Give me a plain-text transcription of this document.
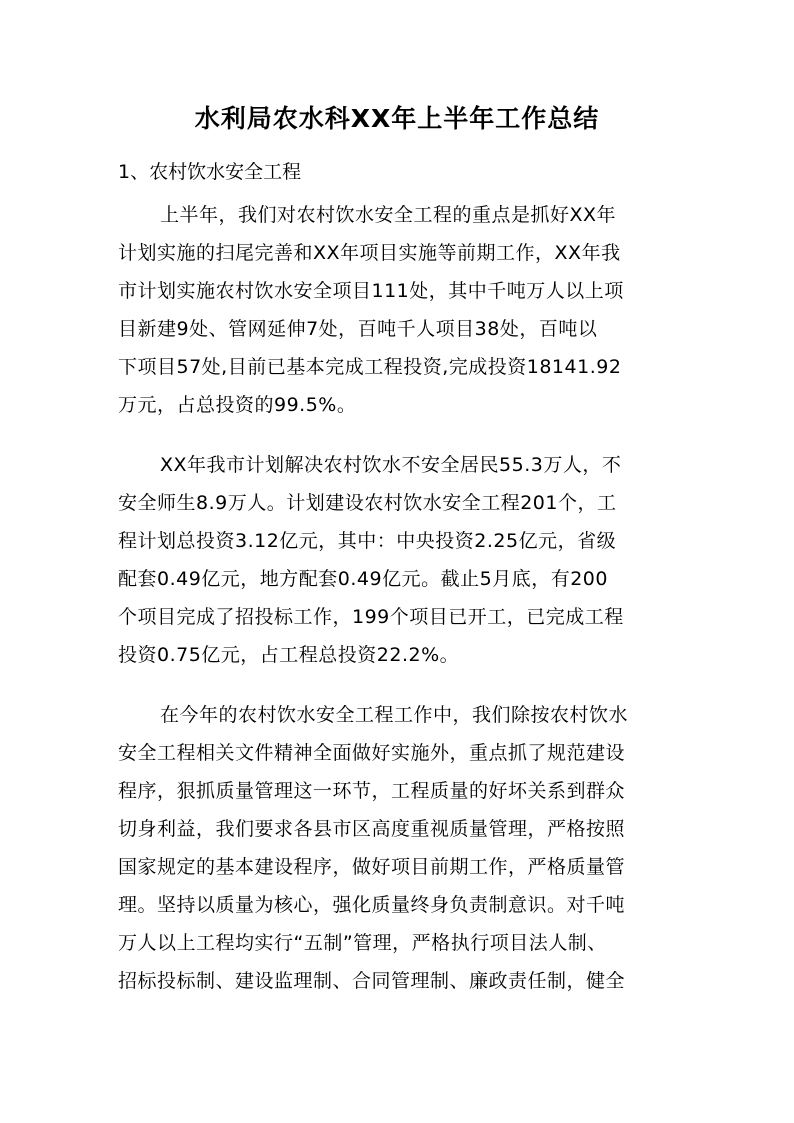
水利局农水科XX年上半年工作总结
1、农村饮水安全工程
上半年，我们对农村饮水安全工程的重点是抓好XX年
计划实施的扫尾完善和XX年项目实施等前期工作，XX年我
市计划实施农村饮水安全项目111处，其中千吨万人以上项
目新建9处、管网延伸7处，百吨千人项目38处，百吨以
下项目57处,目前已基本完成工程投资,完成投资18141.92
万元，占总投资的99.5%。
XX年我市计划解决农村饮水不安全居民55.3万人，不
安全师生8.9万人。计划建设农村饮水安全工程201个，工
程计划总投资3.12亿元，其中：中央投资2.25亿元，省级
配套0.49亿元，地方配套0.49亿元。截止5月底，有200
个项目完成了招投标工作，199个项目已开工，已完成工程
投资0.75亿元，占工程总投资22.2%。
在今年的农村饮水安全工程工作中，我们除按农村饮水
安全工程相关文件精神全面做好实施外，重点抓了规范建设
程序，狠抓质量管理这一环节，工程质量的好坏关系到群众
切身利益，我们要求各县市区高度重视质量管理，严格按照
国家规定的基本建设程序，做好项目前期工作，严格质量管
理。坚持以质量为核心，强化质量终身负责制意识。对千吨
万人以上工程均实行“五制”管理，严格执行项目法人制、
招标投标制、建设监理制、合同管理制、廉政责任制，健全
